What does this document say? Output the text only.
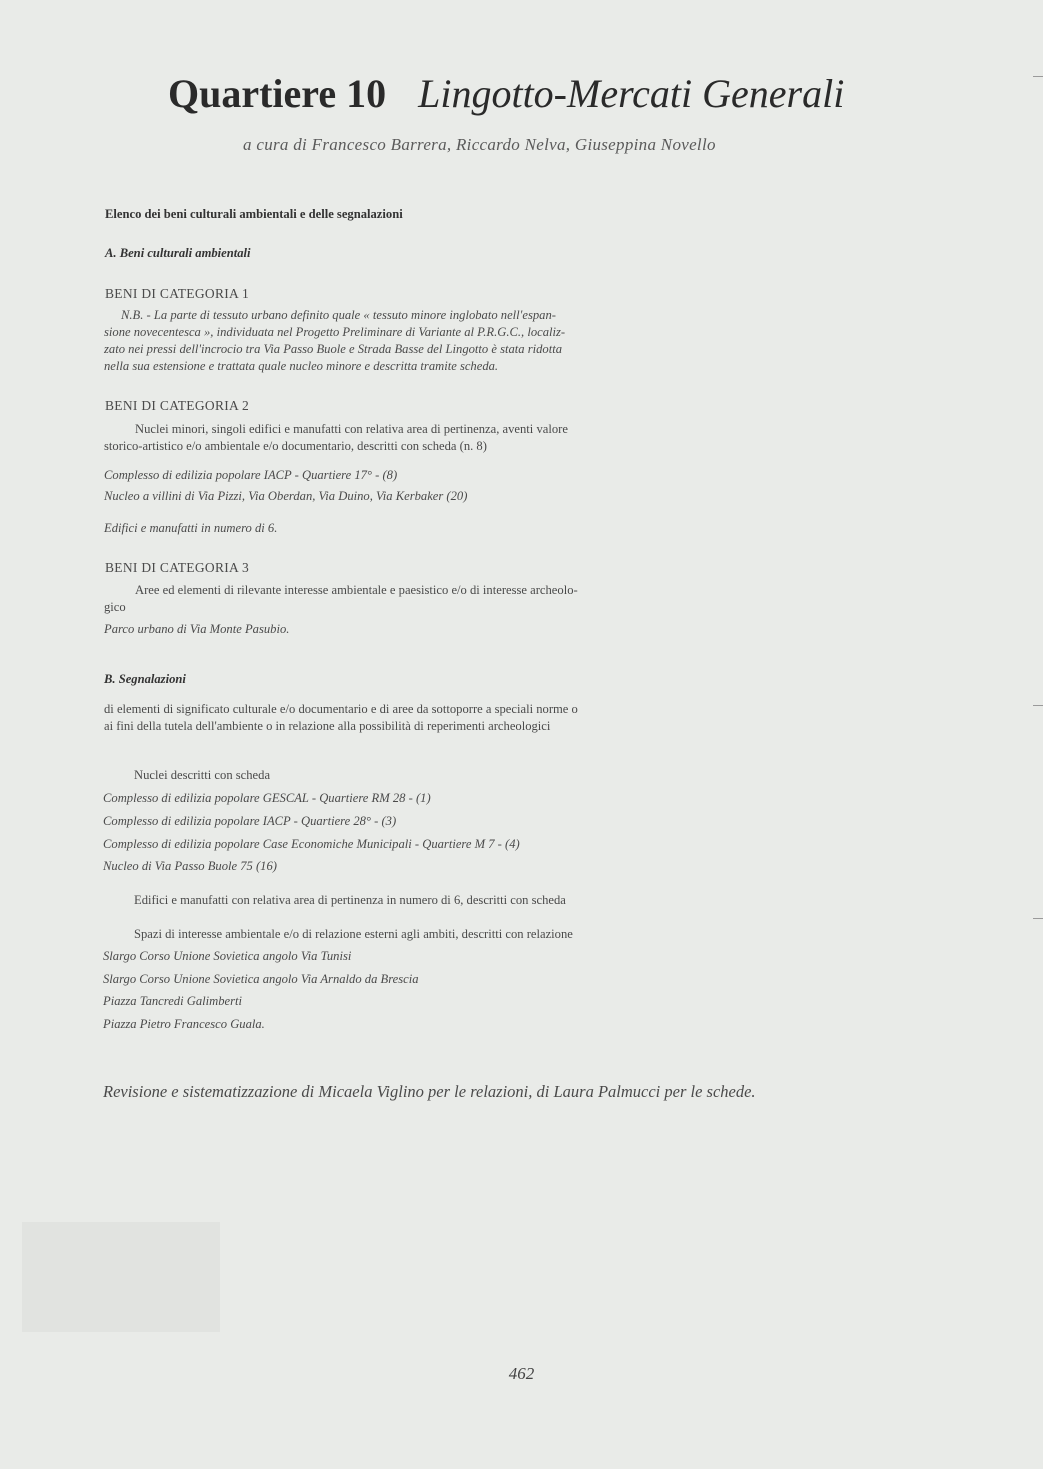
Quartiere 10 Lingotto-Mercati Generali
a cura di Francesco Barrera, Riccardo Nelva, Giuseppina Novello
Elenco dei beni culturali ambientali e delle segnalazioni
A. Beni culturali ambientali
BENI DI CATEGORIA 1
N.B. - La parte di tessuto urbano definito quale « tessuto minore inglobato nell'espan-
sione novecentesca », individuata nel Progetto Preliminare di Variante al P.R.G.C., localiz-
zato nei pressi dell'incrocio tra Via Passo Buole e Strada Basse del Lingotto è stata ridotta
nella sua estensione e trattata quale nucleo minore e descritta tramite scheda.
BENI DI CATEGORIA 2
Nuclei minori, singoli edifici e manufatti con relativa area di pertinenza, aventi valore
storico-artistico e/o ambientale e/o documentario, descritti con scheda (n. 8)
Complesso di edilizia popolare IACP - Quartiere 17° - (8)
Nucleo a villini di Via Pizzi, Via Oberdan, Via Duino, Via Kerbaker (20)
Edifici e manufatti in numero di 6.
BENI DI CATEGORIA 3
Aree ed elementi di rilevante interesse ambientale e paesistico e/o di interesse archeolo-
gico
Parco urbano di Via Monte Pasubio.
B. Segnalazioni
di elementi di significato culturale e/o documentario e di aree da sottoporre a speciali norme o
ai fini della tutela dell'ambiente o in relazione alla possibilità di reperimenti archeologici
Nuclei descritti con scheda
Complesso di edilizia popolare GESCAL - Quartiere RM 28 - (1)
Complesso di edilizia popolare IACP - Quartiere 28° - (3)
Complesso di edilizia popolare Case Economiche Municipali - Quartiere M 7 - (4)
Nucleo di Via Passo Buole 75 (16)
Edifici e manufatti con relativa area di pertinenza in numero di 6, descritti con scheda
Spazi di interesse ambientale e/o di relazione esterni agli ambiti, descritti con relazione
Slargo Corso Unione Sovietica angolo Via Tunisi
Slargo Corso Unione Sovietica angolo Via Arnaldo da Brescia
Piazza Tancredi Galimberti
Piazza Pietro Francesco Guala.
Revisione e sistematizzazione di Micaela Viglino per le relazioni, di Laura Palmucci per le schede.
462
